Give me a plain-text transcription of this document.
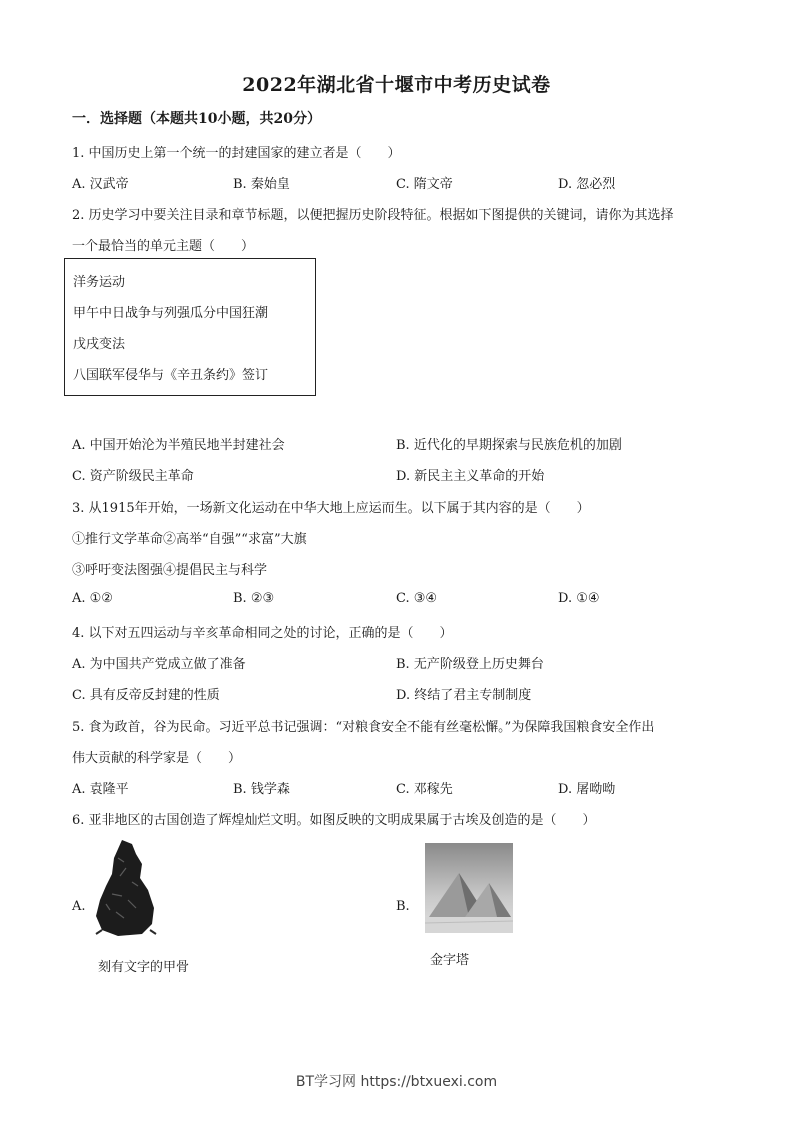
2022年湖北省十堰市中考历史试卷
一．选择题（本题共10小题，共20分）
1. 中国历史上第一个统一的封建国家的建立者是（　　）
A. 汉武帝	B. 秦始皇	C. 隋文帝	D. 忽必烈
2. 历史学习中要关注目录和章节标题，以便把握历史阶段特征。根据如下图提供的关键词，请你为其选择
一个最恰当的单元主题（　　）
洋务运动
甲午中日战争与列强瓜分中国狂潮
戊戌变法
八国联军侵华与《辛丑条约》签订
A. 中国开始沦为半殖民地半封建社会	B. 近代化的早期探索与民族危机的加剧
C. 资产阶级民主革命	D. 新民主主义革命的开始
3. 从1915年开始，一场新文化运动在中华大地上应运而生。以下属于其内容的是（　　）
①推行文学革命②高举“自强”“求富”大旗
③呼吁变法图强④提倡民主与科学
A. ①②	B. ②③	C. ③④	D. ①④
4. 以下对五四运动与辛亥革命相同之处的讨论，正确的是（　　）
A. 为中国共产党成立做了准备	B. 无产阶级登上历史舞台
C. 具有反帝反封建的性质	D. 终结了君主专制制度
5. 食为政首，谷为民命。习近平总书记强调：“对粮食安全不能有丝毫松懈。”为保障我国粮食安全作出
伟大贡献的科学家是（　　）
A. 袁隆平	B. 钱学森	C. 邓稼先	D. 屠呦呦
6. 亚非地区的古国创造了辉煌灿烂文明。如图反映的文明成果属于古埃及创造的是（　　）
A.
刻有文字的甲骨
B.
金字塔
BT学习网 https://btxuexi.com
